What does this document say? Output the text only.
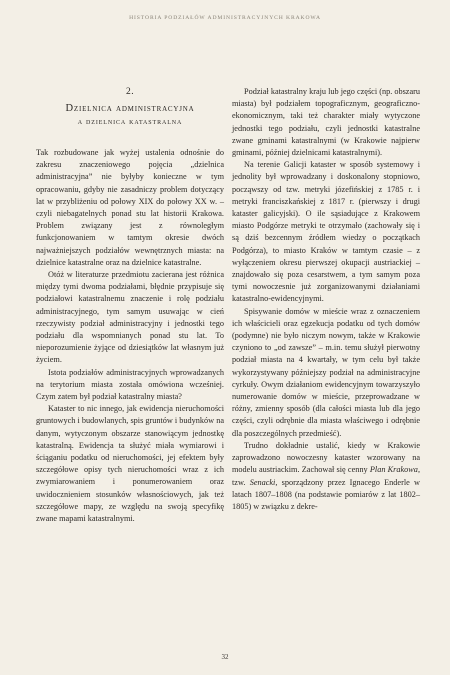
HISTORIA PODZIAŁÓW ADMINISTRACYJNYCH KRAKOWA
2.
Dzielnica administracyjna
a dzielnica katastralna

Tak rozbudowane jak wyżej ustalenia odnośnie do zakresu znaczeniowego pojęcia „dzielnica administracyjna” nie byłyby konieczne w tym opracowaniu, gdyby nie zasadniczy problem dotyczący lat w przybliżeniu od połowy XIX do połowy XX w. – czyli niebagatelnych ponad stu lat historii Krakowa. Problem związany jest z równoległym funkcjonowaniem w tamtym okresie dwóch najważniejszych podziałów wewnętrznych miasta: na dzielnice katastralne oraz na dzielnice katastralne.

Otóż w literaturze przedmiotu zacierana jest różnica między tymi dwoma podziałami, błędnie przypisuje się podziałowi katastralnemu znaczenie i rolę podziału administracyjnego, tym samym usuwając w cień rzeczywisty podział administracyjny i jednostki tego podziału dla wspomnianych ponad stu lat. To nieporozumienie żyjące od dziesiątków lat własnym już życiem.

Istota podziałów administracyjnych wprowadzanych na terytorium miasta została omówiona wcześniej. Czym zatem był podział katastralny miasta?

Kataster to nic innego, jak ewidencja nieruchomości gruntowych i budowlanych, spis gruntów i budynków na danym, wytyczonym obszarze stanowiącym jednostkę katastralną. Ewidencja ta służyć miała wymiarowi i ściąganiu podatku od nieruchomości, jej efektem były szczegółowe opisy tych nieruchomości wraz z ich zwymiarowaniem i ponumerowaniem oraz uwidocznieniem stosunków własnościowych, jak też szczegółowe mapy, ze względu na swoją specyfikę zwane mapami katastralnymi.

Podział katastralny kraju lub jego części (np. obszaru miasta) był podziałem topograficznym, geograficzno-ekonomicznym, taki też charakter miały wytyczone jednostki tego podziału, czyli jednostki katastralne zwane gminami katastralnymi (w Krakowie najpierw gminami, później dzielnicami katastralnymi).

Na terenie Galicji kataster w sposób systemowy i jednolity był wprowadzany i doskonalony stopniowo, począwszy od tzw. metryki józefińskiej z 1785 r. i metryki franciszkańskiej z 1817 r. (pierwszy i drugi kataster galicyjski). O ile sąsiadujące z Krakowem miasto Podgórze metryki te otrzymało (zachowały się i są dziś bezcennym źródłem wiedzy o początkach Podgórza), to miasto Kraków w tamtym czasie – z wyłączeniem okresu pierwszej okupacji austriackiej – znajdowało się poza cesarstwem, a tym samym poza tymi nowoczesnie już zorganizowanymi działaniami katastralno-ewidencyjnymi.

Spisywanie domów w mieście wraz z oznaczeniem ich właścicieli oraz egzekucja podatku od tych domów (podymne) nie było niczym nowym, także w Krakowie czyniono to „od zawsze” – m.in. temu służył pierwotny podział miasta na 4 kwartały, w tym celu był także wykorzystywany późniejszy podział na administracyjne cyrkuły. Owym działaniom ewidencyjnym towarzyszyło numerowanie domów w mieście, przeprowadzane w różny, zmienny sposób (dla całości miasta lub dla jego części, czyli odrębnie dla miasta właściwego i odrębnie dla poszczególnych przedmieść).

Trudno dokładnie ustalić, kiedy w Krakowie zaprowadzono nowoczesny kataster wzorowany na modelu austriackim. Zachował się cenny Plan Krakowa, tzw. Senacki, sporządzony przez Ignacego Enderle w latach 1807–1808 (na podstawie pomiarów z lat 1802–1805) w związku z dekre-

32
